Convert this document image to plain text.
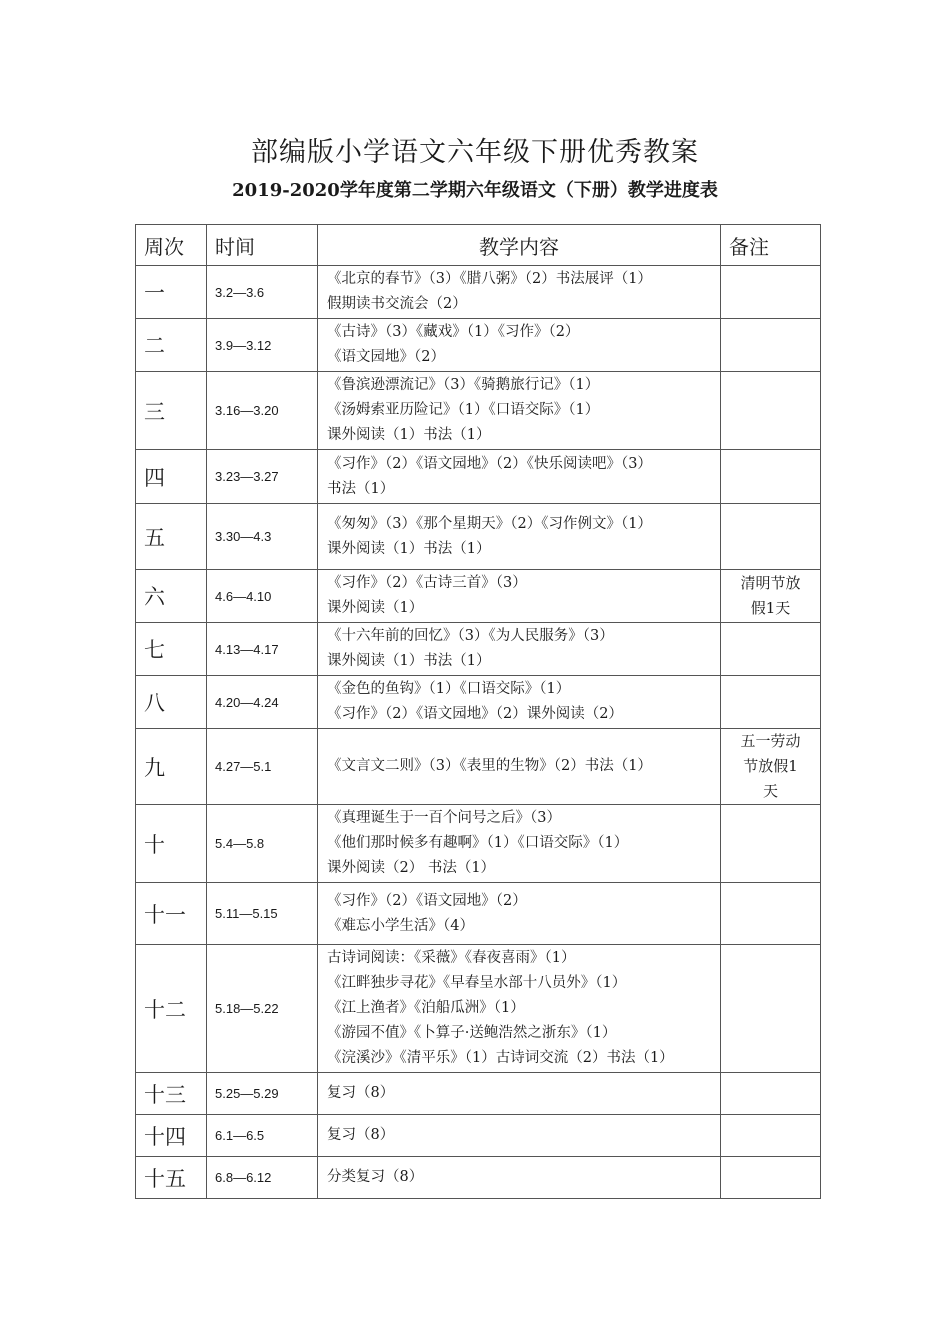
部编版小学语文六年级下册优秀教案
2019-2020学年度第二学期六年级语文（下册）教学进度表
周次	时间	教学内容	备注
一	3.2—3.6	《北京的春节》（3）《腊八粥》（2）书法展评（1）
假期读书交流会（2）	

二	3.9—3.12	《古诗》（3）《藏戏》（1）《习作》（2）
《语文园地》（2）	

三	3.16—3.20	《鲁滨逊漂流记》（3）《骑鹅旅行记》（1）
《汤姆索亚历险记》（1）《口语交际》（1）
课外阅读（1）书法（1）	

四	3.23—3.27	《习作》（2）《语文园地》（2）《快乐阅读吧》（3）
书法（1）	

五	3.30—4.3	《匆匆》（3）《那个星期天》（2）《习作例文》（1）
课外阅读（1）书法（1）	

六	4.6—4.10	《习作》（2）《古诗三首》（3）
课外阅读（1）	清明节放
假1天
七	4.13—4.17	《十六年前的回忆》（3）《为人民服务》（3）
课外阅读（1）书法（1）	

八	4.20—4.24	《金色的鱼钩》（1）《口语交际》（1）
《习作》（2）《语文园地》（2）课外阅读（2）	

九	4.27—5.1	《文言文二则》（3）《表里的生物》（2）书法（1）	五一劳动
节放假1
天
十	5.4—5.8	《真理诞生于一百个问号之后》（3）
《他们那时候多有趣啊》（1）《口语交际》（1）
课外阅读（2） 书法（1）	

十一	5.11—5.15	《习作》（2）《语文园地》（2）
《难忘小学生活》（4）	

十二	5.18—5.22	古诗词阅读：《采薇》《春夜喜雨》（1）
《江畔独步寻花》《早春呈水部十八员外》（1）
《江上渔者》《泊船瓜洲》（1）
《游园不值》《卜算子·送鲍浩然之浙东》（1）
《浣溪沙》《清平乐》（1）古诗词交流（2）书法（1）	

十三	5.25—5.29	复习（8）	

十四	6.1—6.5	复习（8）	

十五	6.8—6.12	分类复习（8）	
